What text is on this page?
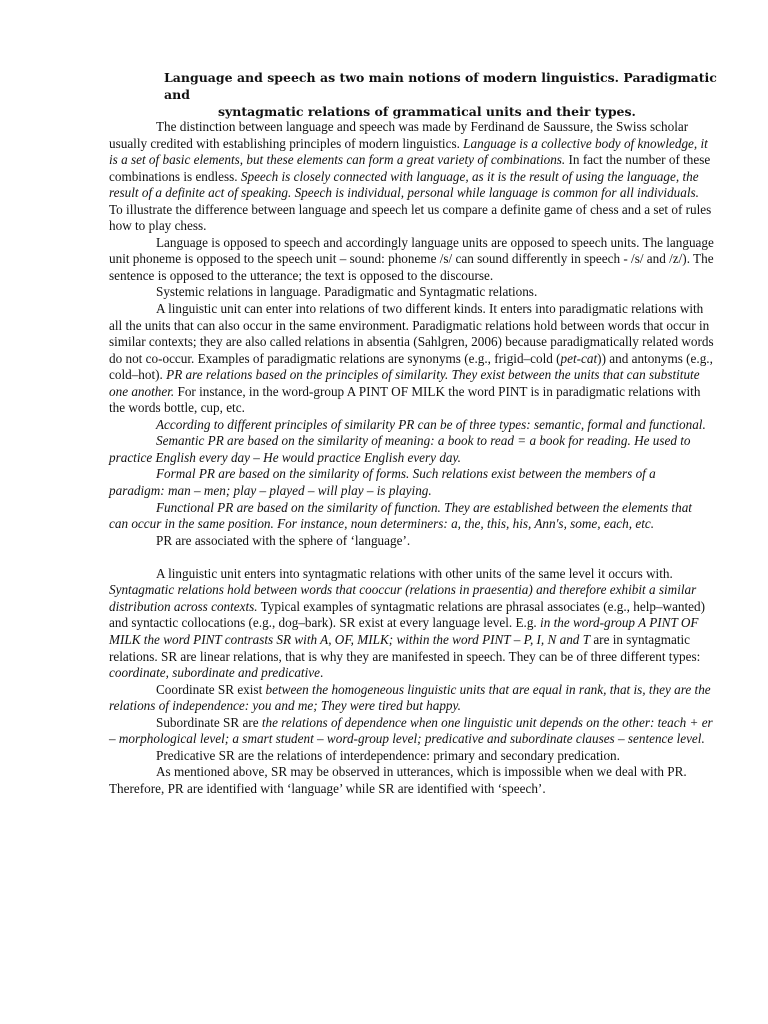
Language and speech as two main notions of modern linguistics. Paradigmatic and
syntagmatic relations of grammatical units and their types.

The distinction between language and speech was made by Ferdinand de Saussure, the Swiss scholar usually credited with establishing principles of modern linguistics. Language is a collective body of knowledge, it is a set of basic elements, but these elements can form a great variety of combinations. In fact the number of these combinations is endless. Speech is closely connected with language, as it is the result of using the language, the result of a definite act of speaking. Speech is individual, personal while language is common for all individuals. To illustrate the difference between language and speech let us compare a definite game of chess and a set of rules how to play chess.

Language is opposed to speech and accordingly language units are opposed to speech units. The language unit phoneme is opposed to the speech unit – sound: phoneme /s/ can sound differently in speech - /s/ and /z/). The sentence is opposed to the utterance; the text is opposed to the discourse.

Systemic relations in language. Paradigmatic and Syntagmatic relations.

A linguistic unit can enter into relations of two different kinds. It enters into paradigmatic relations with all the units that can also occur in the same environment. Paradigmatic relations hold between words that occur in similar contexts; they are also called relations in absentia (Sahlgren, 2006) because paradigmatically related words do not co-occur. Examples of paradigmatic relations are synonyms (e.g., frigid–cold (pet-cat)) and antonyms (e.g., cold–hot). PR are relations based on the principles of similarity. They exist between the units that can substitute one another. For instance, in the word-group A PINT OF MILK the word PINT is in paradigmatic relations with the words bottle, cup, etc.

According to different principles of similarity PR can be of three types: semantic, formal and functional.

Semantic PR are based on the similarity of meaning: a book to read = a book for reading. He used to practice English every day – He would practice English every day.

Formal PR are based on the similarity of forms. Such relations exist between the members of a paradigm: man – men; play – played – will play – is playing.

Functional PR are based on the similarity of function. They are established between the elements that can occur in the same position. For instance, noun determiners: a, the, this, his, Ann's, some, each, etc.

PR are associated with the sphere of ‘language’.

A linguistic unit enters into syntagmatic relations with other units of the same level it occurs with. Syntagmatic relations hold between words that cooccur (relations in praesentia) and therefore exhibit a similar distribution across contexts. Typical examples of syntagmatic relations are phrasal associates (e.g., help–wanted) and syntactic collocations (e.g., dog–bark). SR exist at every language level. E.g. in the word-group A PINT OF MILK the word PINT contrasts SR with A, OF, MILK; within the word PINT – P, I, N and T are in syntagmatic relations. SR are linear relations, that is why they are manifested in speech. They can be of three different types: coordinate, subordinate and predicative.

Coordinate SR exist between the homogeneous linguistic units that are equal in rank, that is, they are the relations of independence: you and me; They were tired but happy.

Subordinate SR are the relations of dependence when one linguistic unit depends on the other: teach + er – morphological level; a smart student – word-group level; predicative and subordinate clauses – sentence level.

Predicative SR are the relations of interdependence: primary and secondary predication.

As mentioned above, SR may be observed in utterances, which is impossible when we deal with PR. Therefore, PR are identified with ‘language’ while SR are identified with ‘speech’.
